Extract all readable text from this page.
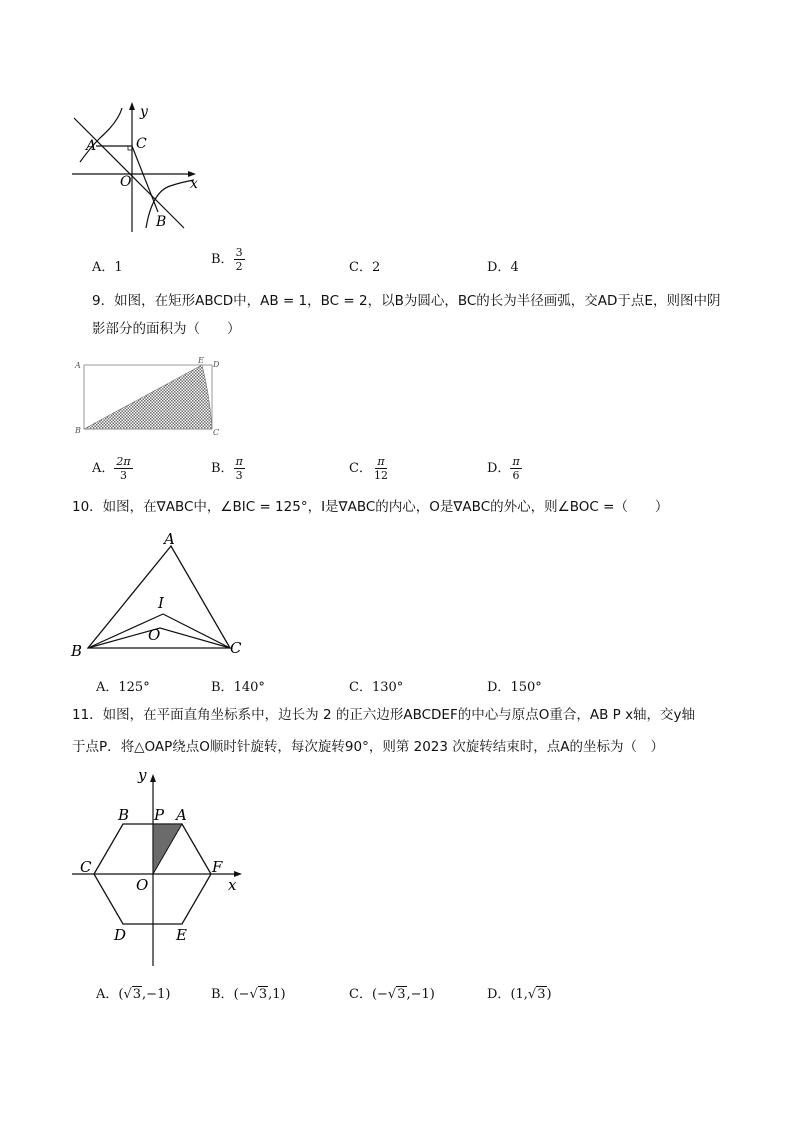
y
x
A	C
O
B
A．1
B． $\frac{3}{2}$	C．2	D．4
9．如图，在矩形ABCD中，AB = 1，BC = 2，以B为圆心，BC的长为半径画弧，交AD于点E，则图中阴
影部分的面积为（　　）
A
E D
B	C
A． $\frac{2\pi}{3}$	B． $\frac{\pi}{3}$	C． $\frac{\pi}{12}$	D． $\frac{\pi}{6}$
10．如图，在∇ABC中，∠BIC = 125°，I是∇ABC的内心，O是∇ABC的外心，则∠BOC =（　　）
A
I
O
B	C
A．125°	B．140°	C．130°	D．150°
11．如图，在平面直角坐标系中，边长为 2 的正六边形ABCDEF的中心与原点O重合，AB P x轴，交y轴
于点P．将△OAP绕点O顺时针旋转，每次旋转90°，则第 2023 次旋转结束时，点A的坐标为（　）
y
x
B P A
C	F
O
D	E
A．(√3,−1)	B．(−√3,1)	C．(−√3,−1)	D．(1,√3)
